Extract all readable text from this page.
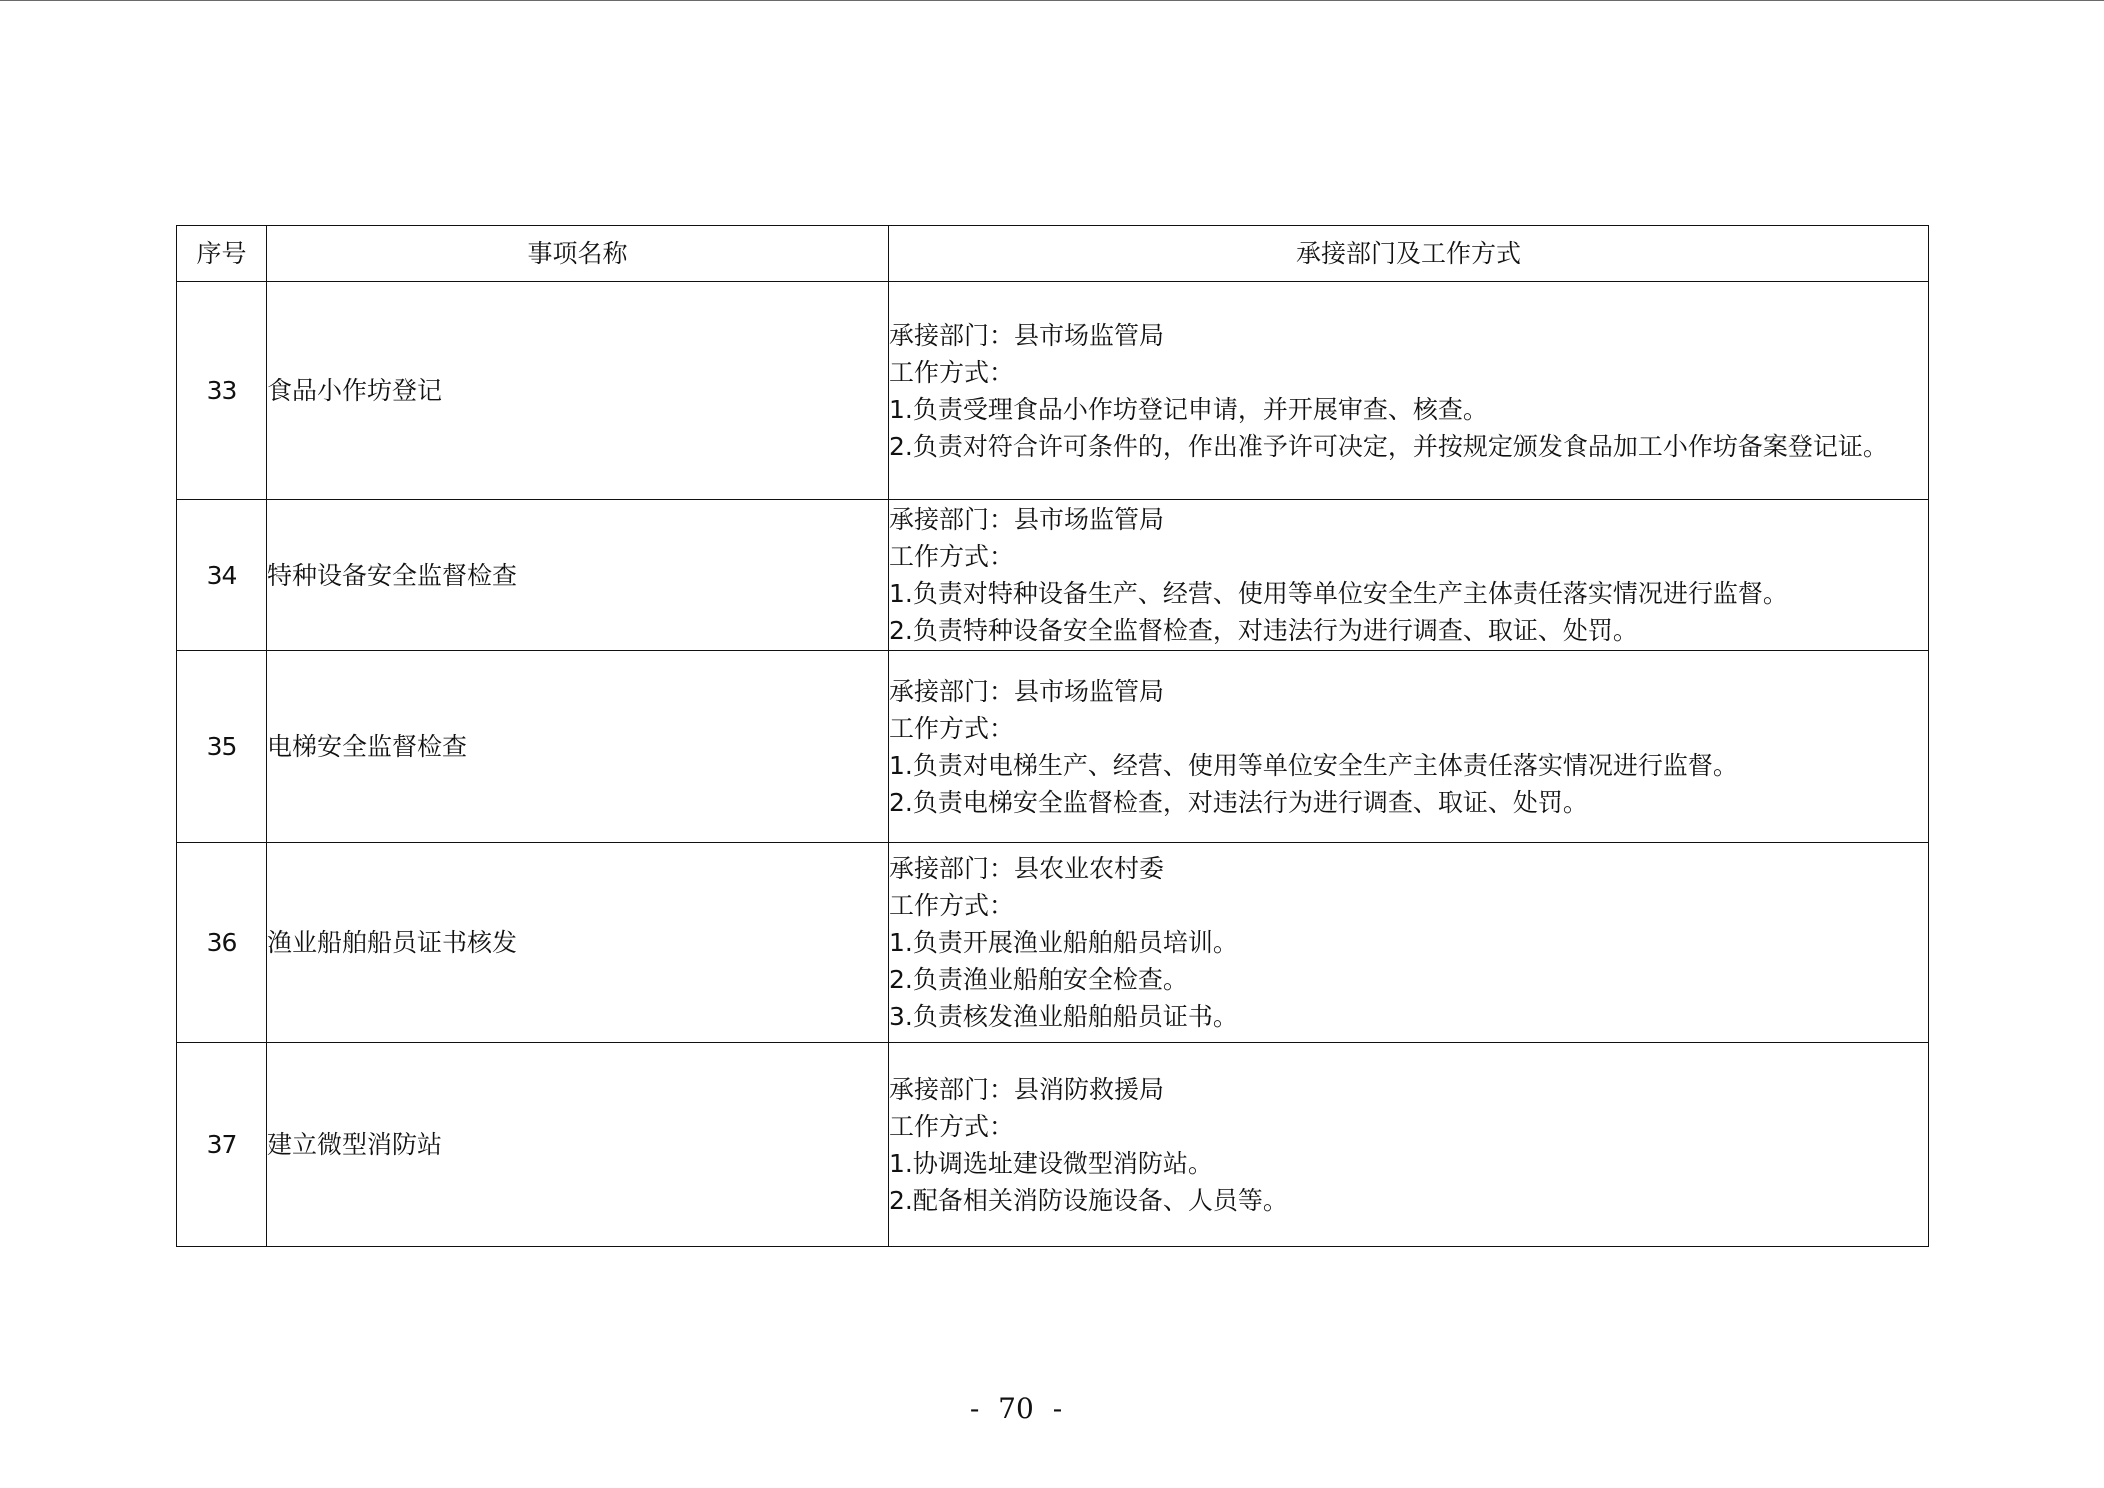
序号	事项名称	承接部门及工作方式
33	食品小作坊登记	承接部门：县市场监管局
工作方式：
1.负责受理食品小作坊登记申请，并开展审查、核查。
2.负责对符合许可条件的，作出准予许可决定，并按规定颁发食品加工小作坊备案登记证。

34	特种设备安全监督检查	承接部门：县市场监管局
工作方式：
1.负责对特种设备生产、经营、使用等单位安全生产主体责任落实情况进行监督。
2.负责特种设备安全监督检查，对违法行为进行调查、取证、处罚。

35	电梯安全监督检查	承接部门：县市场监管局
工作方式：
1.负责对电梯生产、经营、使用等单位安全生产主体责任落实情况进行监督。
2.负责电梯安全监督检查，对违法行为进行调查、取证、处罚。

36	渔业船舶船员证书核发	承接部门：县农业农村委
工作方式：
1.负责开展渔业船舶船员培训。
2.负责渔业船舶安全检查。
3.负责核发渔业船舶船员证书。

37	建立微型消防站	承接部门：县消防救援局
工作方式：
1.协调选址建设微型消防站。
2.配备相关消防设施设备、人员等。
- 70 -
